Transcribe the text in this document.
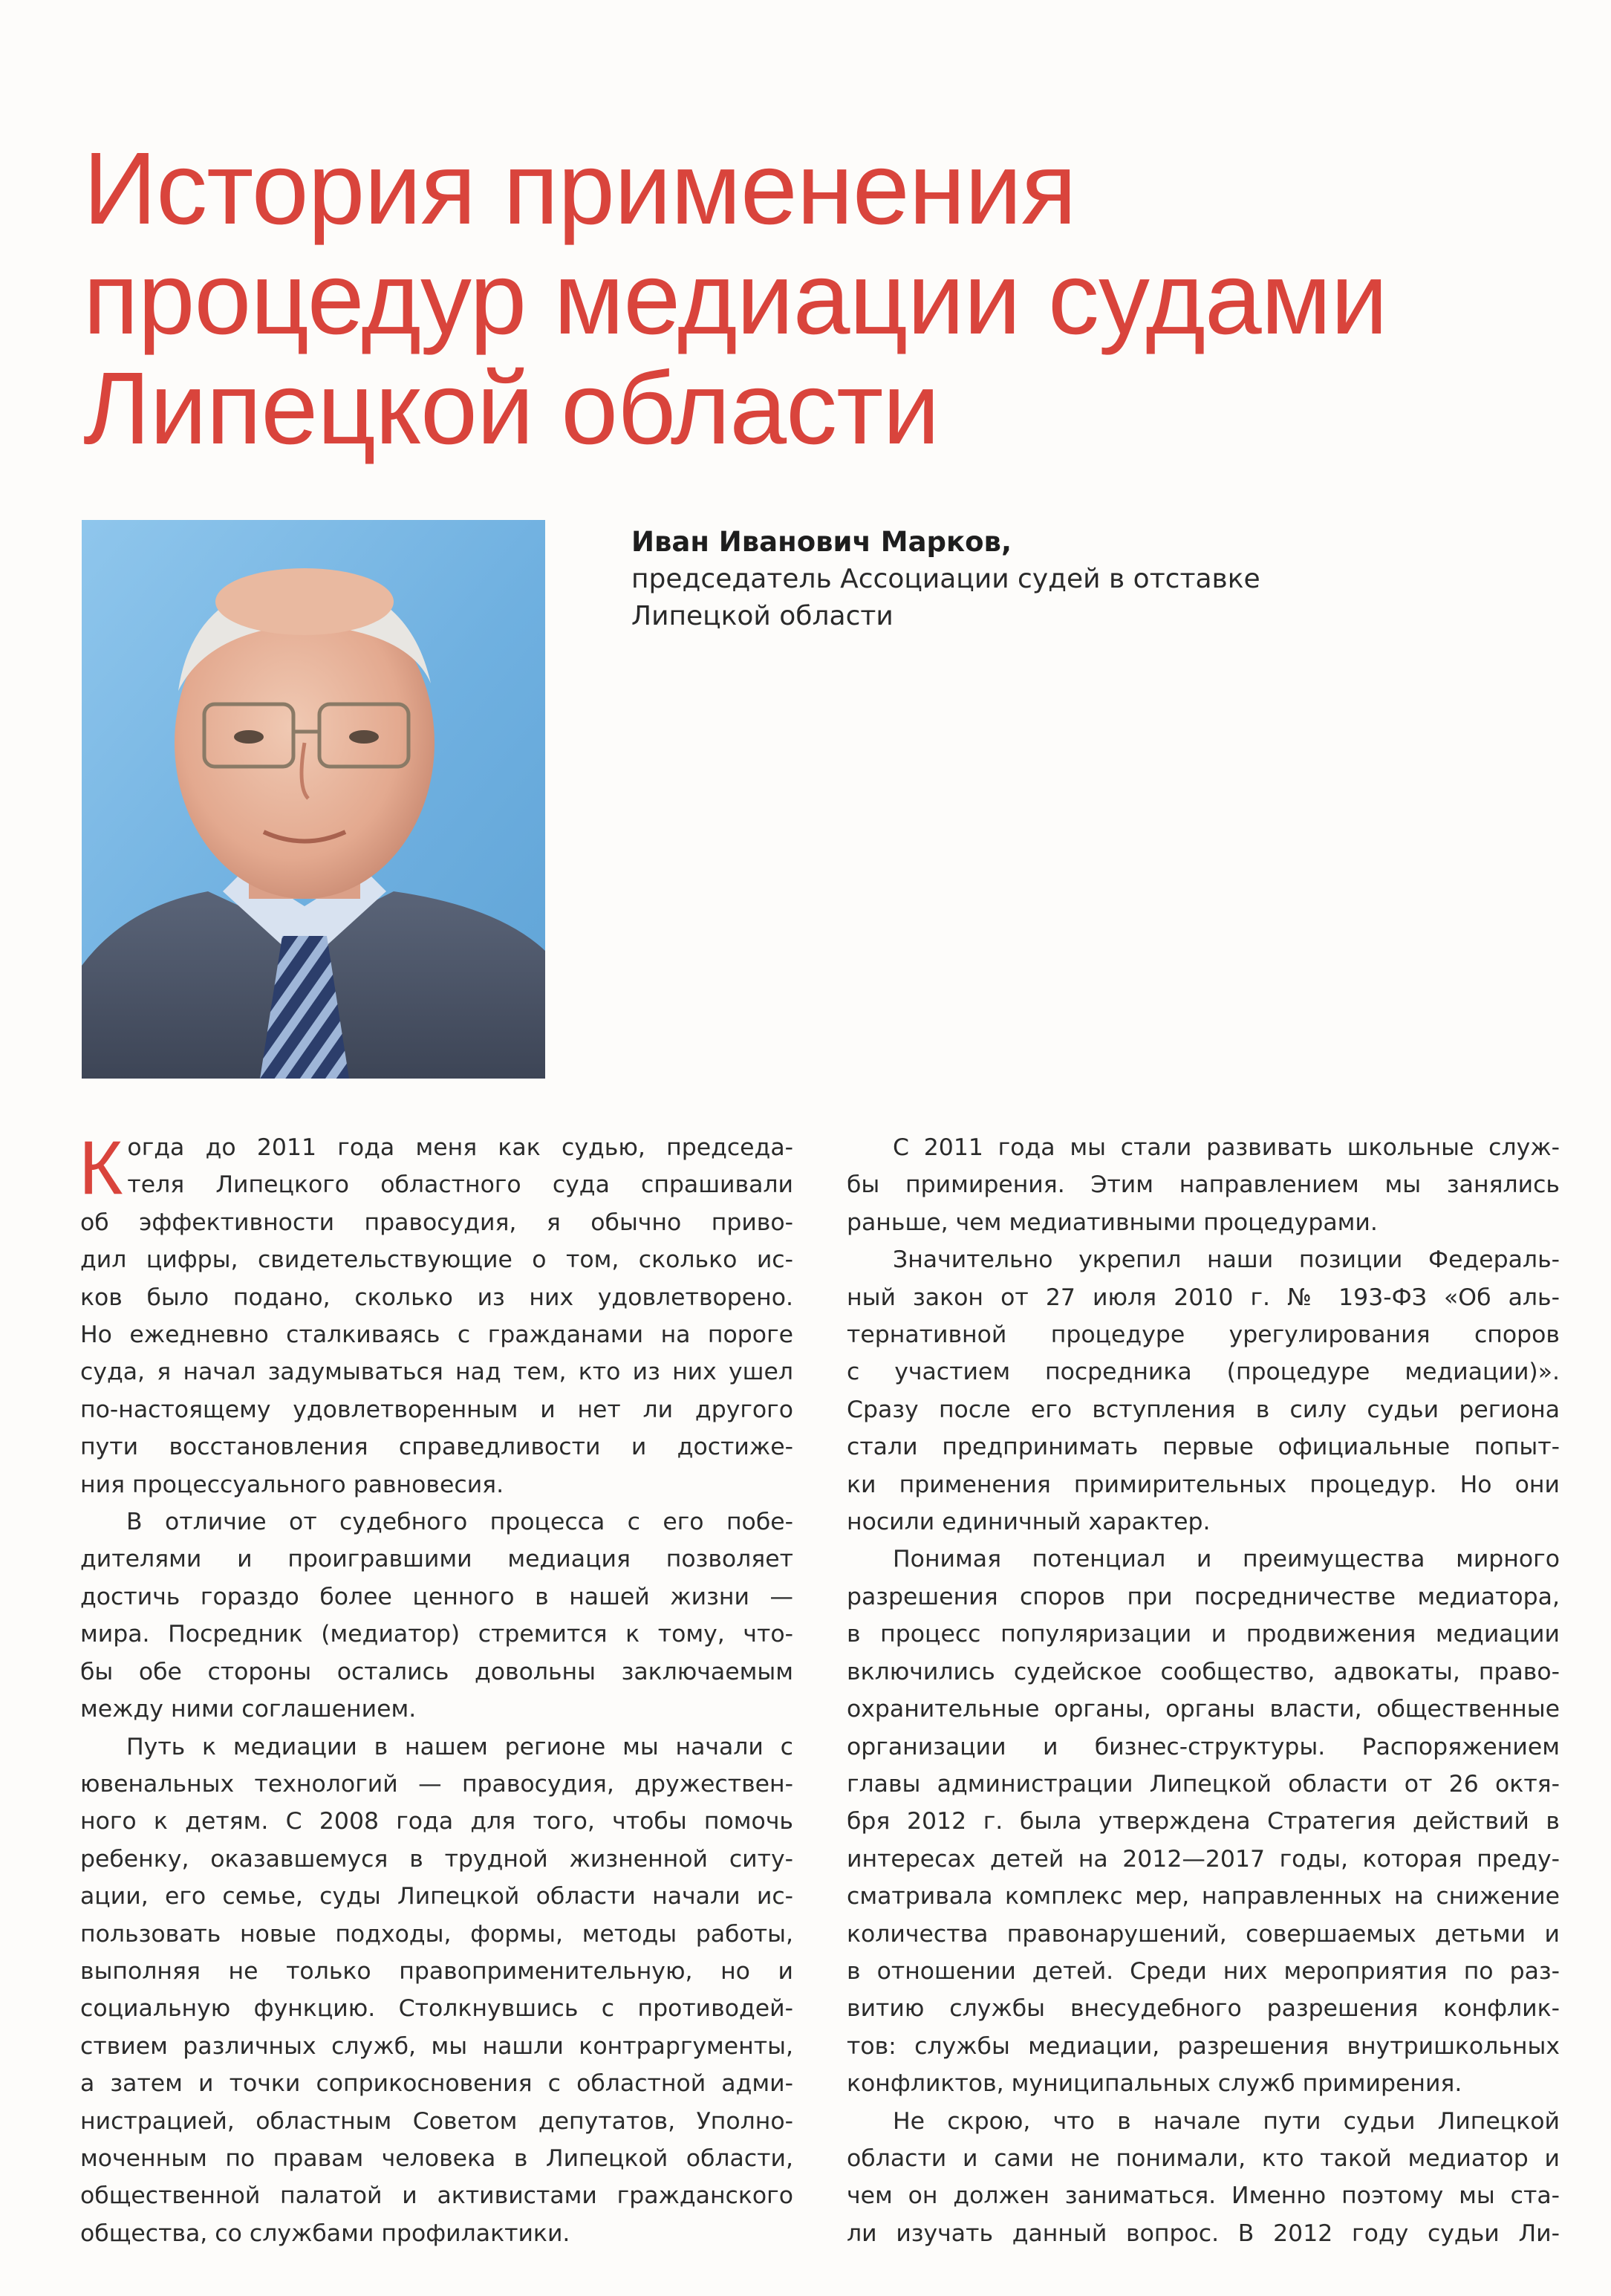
История применения
процедур медиации судами
Липецкой области
Иван Иванович Марков,
председатель Ассоциации судей в отставке
Липецкой области

К огда до 2011 года меня как судью, председа-
теля Липецкого областного суда спрашивали
об эффективности правосудия, я обычно приво-
дил цифры, свидетельствующие о том, сколько ис-
ков было подано, сколько из них удовлетворено.
Но ежедневно сталкиваясь с гражданами на пороге
суда, я начал задумываться над тем, кто из них ушел
по-настоящему удовлетворенным и нет ли другого
пути восстановления справедливости и достиже-
ния процессуального равновесия.

В отличие от судебного процесса с его побе-
дителями и проигравшими медиация позволяет
достичь гораздо более ценного в нашей жизни —
мира. Посредник (медиатор) стремится к тому, что-
бы обе стороны остались довольны заключаемым
между ними соглашением.

Путь к медиации в нашем регионе мы начали с
ювенальных технологий — правосудия, дружествен-
ного к детям. С 2008 года для того, чтобы помочь
ребенку, оказавшемуся в трудной жизненной ситу-
ации, его семье, суды Липецкой области начали ис-
пользовать новые подходы, формы, методы работы,
выполняя не только правоприменительную, но и
социальную функцию. Столкнувшись с противодей-
ствием различных служб, мы нашли контраргументы,
а затем и точки соприкосновения с областной адми-
нистрацией, областным Советом депутатов, Уполно-
моченным по правам человека в Липецкой области,
общественной палатой и активистами гражданского
общества, со службами профилактики.

С 2011 года мы стали развивать школьные служ-
бы примирения. Этим направлением мы занялись
раньше, чем медиативными процедурами.

Значительно укрепил наши позиции Федераль-
ный закон от 27 июля 2010 г. № 193-ФЗ «Об аль-
тернативной процедуре урегулирования споров
с участием посредника (процедуре медиации)».
Сразу после его вступления в силу судьи региона
стали предпринимать первые официальные попыт-
ки применения примирительных процедур. Но они
носили единичный характер.

Понимая потенциал и преимущества мирного
разрешения споров при посредничестве медиатора,
в процесс популяризации и продвижения медиации
включились судейское сообщество, адвокаты, право-
охранительные органы, органы власти, общественные
организации и бизнес-структуры. Распоряжением
главы администрации Липецкой области от 26 октя-
бря 2012 г. была утверждена Стратегия действий в
интересах детей на 2012—2017 годы, которая преду-
сматривала комплекс мер, направленных на снижение
количества правонарушений, совершаемых детьми и
в отношении детей. Среди них мероприятия по раз-
витию службы внесудебного разрешения конфлик-
тов: службы медиации, разрешения внутришкольных
конфликтов, муниципальных служб примирения.

Не скрою, что в начале пути судьи Липецкой
области и сами не понимали, кто такой медиатор и
чем он должен заниматься. Именно поэтому мы ста-
ли изучать данный вопрос. В 2012 году судьи Ли-
